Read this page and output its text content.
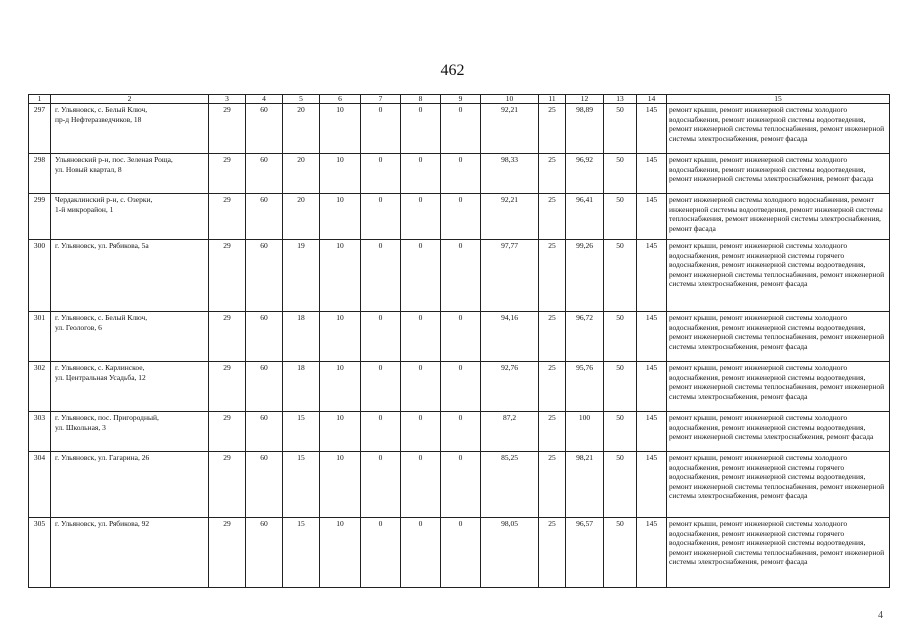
462
1	2	3	4	5	6	7	8	9	10	11	12	13	14	15
297	г. Ульяновск, с. Белый Ключ,
пр-д Нефтеразведчиков, 18	29	60	20	10	0	0	0	92,21	25	98,89	50	145	ремонт крыши, ремонт инженерной системы холодного водоснабжения, ремонт инженерной системы водоотведения, ремонт инженерной системы теплоснабжения, ремонт инженерной системы электроснабжения, ремонт фасада
298	Ульяновский р-н, пос. Зеленая Роща,
ул. Новый квартал, 8	29	60	20	10	0	0	0	98,33	25	96,92	50	145	ремонт крыши, ремонт инженерной системы холодного водоснабжения, ремонт инженерной системы водоотведения, ремонт инженерной системы электроснабжения, ремонт фасада
299	Чердаклинский р-н, с. Озерки,
1-й микрорайон, 1	29	60	20	10	0	0	0	92,21	25	96,41	50	145	ремонт инженерной системы холодного водоснабжения, ремонт инженерной системы водоотведения, ремонт инженерной системы теплоснабжения, ремонт инженерной системы электроснабжения, ремонт фасада
300	г. Ульяновск, ул. Рябикова, 5а	29	60	19	10	0	0	0	97,77	25	99,26	50	145	ремонт крыши, ремонт инженерной системы холодного водоснабжения, ремонт инженерной системы горячего водоснабжения, ремонт инженерной системы водоотведения, ремонт инженерной системы теплоснабжения, ремонт инженерной системы электроснабжения, ремонт фасада
301	г. Ульяновск, с. Белый Ключ,
ул. Геологов, 6	29	60	18	10	0	0	0	94,16	25	96,72	50	145	ремонт крыши, ремонт инженерной системы холодного водоснабжения, ремонт инженерной системы водоотведения, ремонт инженерной системы теплоснабжения, ремонт инженерной системы электроснабжения, ремонт фасада
302	г. Ульяновск, с. Карлинское,
ул. Центральная Усадьба, 12	29	60	18	10	0	0	0	92,76	25	95,76	50	145	ремонт крыши, ремонт инженерной системы холодного водоснабжения, ремонт инженерной системы водоотведения, ремонт инженерной системы теплоснабжения, ремонт инженерной системы электроснабжения, ремонт фасада
303	г. Ульяновск, пос. Пригородный,
ул. Школьная, 3	29	60	15	10	0	0	0	87,2	25	100	50	145	ремонт крыши, ремонт инженерной системы холодного водоснабжения, ремонт инженерной системы водоотведения, ремонт инженерной системы электроснабжения, ремонт фасада
304	г. Ульяновск, ул. Гагарина, 26	29	60	15	10	0	0	0	85,25	25	98,21	50	145	ремонт крыши, ремонт инженерной системы холодного водоснабжения, ремонт инженерной системы горячего водоснабжения, ремонт инженерной системы водоотведения, ремонт инженерной системы теплоснабжения, ремонт инженерной системы электроснабжения, ремонт фасада
305	г. Ульяновск, ул. Рябикова, 92	29	60	15	10	0	0	0	98,05	25	96,57	50	145	ремонт крыши, ремонт инженерной системы холодного водоснабжения, ремонт инженерной системы горячего водоснабжения, ремонт инженерной системы водоотведения, ремонт инженерной системы теплоснабжения, ремонт инженерной системы электроснабжения, ремонт фасада
4
